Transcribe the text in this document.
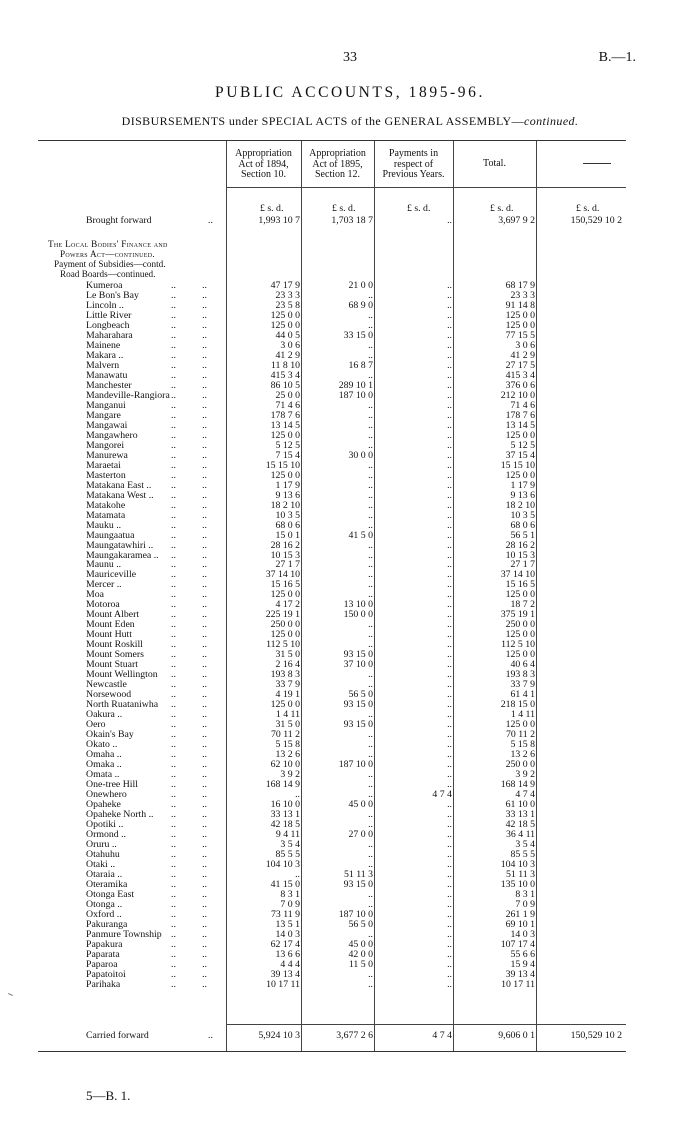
33	B.—1.
PUBLIC ACCOUNTS, 1895-96.
DISBURSEMENTS under SPECIAL ACTS of the GENERAL ASSEMBLY—continued.
Appropriation
Act of 1894,
Section 10.
Appropriation
Act of 1895,
Section 12.
Payments in
respect of
Previous Years.
Total.
£ s. d.	£ s. d.	£ s. d.	£ s. d.	£ s. d.
Brought forward	..	1,993 10 7	1,703 18 7	..	3,697 9 2	150,529 10 2
The Local Bodies' Finance and
Powers Act—continued.
Payment of Subsidies—contd.
Road Boards—continued.
Kumeroa	..	..	47 17 9	21 0 0	..	68 17 9
Le Bon's Bay	..	..	23 3 3	..	..	23 3 3
Lincoln ..	..	..	23 5 8	68 9 0	..	91 14 8
Little River	..	..	125 0 0	..	..	125 0 0
Longbeach	..	..	125 0 0	..	..	125 0 0
Maharahara	..	..	44 0 5	33 15 0	..	77 15 5
Mainene	..	..	3 0 6	..	..	3 0 6
Makara ..	..	..	41 2 9	..	..	41 2 9
Malvern	..	..	11 8 10	16 8 7	..	27 17 5
Manawatu	..	..	415 3 4	..	..	415 3 4
Manchester	..	..	86 10 5	289 10 1	..	376 0 6
Mandeville-Rangiora ..	..	25 0 0	187 10 0	..	212 10 0
Manganui	..	..	71 4 6	..	..	71 4 6
Mangare	..	..	178 7 6	..	..	178 7 6
Mangawai	..	..	13 14 5	..	..	13 14 5
Mangawhero	..	..	125 0 0	..	..	125 0 0
Mangorei	..	..	5 12 5	..	..	5 12 5
Manurewa	..	..	7 15 4	30 0 0	..	37 15 4
Maraetai	..	..	15 15 10	..	..	15 15 10
Masterton	..	..	125 0 0	..	..	125 0 0
Matakana East .. ..	..	1 17 9	..	..	1 17 9
Matakana West .. ..	..	9 13 6	..	..	9 13 6
Matakohe	..	..	18 2 10	..	..	18 2 10
Matamata	..	..	10 3 5	..	..	10 3 5
Mauku ..	..	..	68 0 6	..	..	68 0 6
Maungaatua	..	..	15 0 1	41 5 0	..	56 5 1
Maungatawhiri .. ..	..	28 16 2	..	..	28 16 2
Maungakaramea .. ..	..	10 15 3	..	..	10 15 3
Maunu ..	..	..	27 1 7	..	..	27 1 7
Mauriceville	..	..	37 14 10	..	..	37 14 10
Mercer ..	..	..	15 16 5	..	..	15 16 5
Moa	..	..	125 0 0	..	..	125 0 0
Motoroa	..	..	4 17 2	13 10 0	..	18 7 2
Mount Albert	..	..	225 19 1	150 0 0	..	375 19 1
Mount Eden	..	..	250 0 0	..	..	250 0 0
Mount Hutt	..	..	125 0 0	..	..	125 0 0
Mount Roskill	..	..	112 5 10	..	..	112 5 10
Mount Somers	..	..	31 5 0	93 15 0	..	125 0 0
Mount Stuart	..	..	2 16 4	37 10 0	..	40 6 4
Mount Wellington ..	..	193 8 3	..	..	193 8 3
Newcastle	..	..	33 7 9	..	..	33 7 9
Norsewood	..	..	4 19 1	56 5 0	..	61 4 1
North Ruataniwha ..	..	125 0 0	93 15 0	..	218 15 0
Oakura ..	..	..	1 4 11	..	..	1 4 11
Oero	..	..	31 5 0	93 15 0	..	125 0 0
Okain's Bay	..	..	70 11 2	..	..	70 11 2
Okato ..	..	..	5 15 8	..	..	5 15 8
Omaha ..	..	..	13 2 6	..	..	13 2 6
Omaka ..	..	..	62 10 0	187 10 0	..	250 0 0
Omata ..	..	..	3 9 2	..	..	3 9 2
One-tree Hill	..	..	168 14 9	..	..	168 14 9
Onewhero	..	..	..	..	4 7 4	4 7 4
Opaheke	..	..	16 10 0	45 0 0	..	61 10 0
Opaheke North .. ..	..	33 13 1	..	..	33 13 1
Opotiki ..	..	..	42 18 5	..	..	42 18 5
Ormond ..	..	..	9 4 11	27 0 0	..	36 4 11
Oruru ..	..	..	3 5 4	..	..	3 5 4
Otahuhu	..	..	85 5 5	..	..	85 5 5
Otaki ..	..	..	104 10 3	..	..	104 10 3
Otaraia ..	..	..	..	51 11 3	..	51 11 3
Oteramika	..	..	41 15 0	93 15 0	..	135 10 0
Otonga East	..	..	8 3 1	..	..	8 3 1
Otonga ..	..	..	7 0 9	..	..	7 0 9
Oxford ..	..	..	73 11 9	187 10 0	..	261 1 9
Pakuranga	..	..	13 5 1	56 5 0	..	69 10 1
Panmure Township ..	..	14 0 3	..	..	14 0 3
Papakura	..	..	62 17 4	45 0 0	..	107 17 4
Paparata	..	..	13 6 6	42 0 0	..	55 6 6
Paparoa	..	..	4 4 4	11 5 0	..	15 9 4
Papatoitoi	..	..	39 13 4	..	..	39 13 4
Parihaka	..	..	10 17 11	..	..	10 17 11
Carried forward	..	5,924 10 3	3,677 2 6	4 7 4	9,606 0 1	150,529 10 2
5—B. 1.
